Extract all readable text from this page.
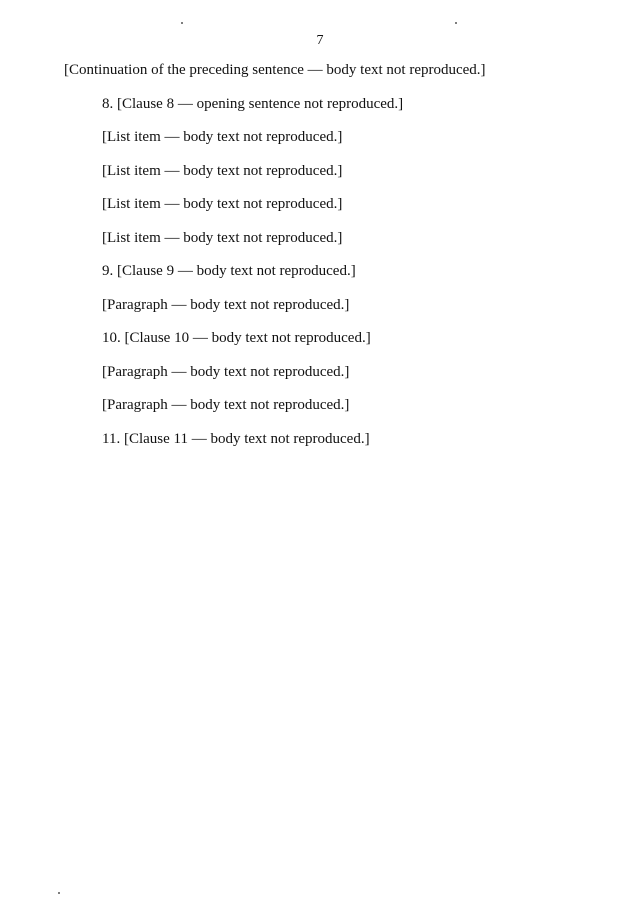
7

[Continuation of the preceding sentence — body text not reproduced.]

8. [Clause 8 — opening sentence not reproduced.]

[List item — body text not reproduced.]

[List item — body text not reproduced.]

[List item — body text not reproduced.]

[List item — body text not reproduced.]

9. [Clause 9 — body text not reproduced.]

[Paragraph — body text not reproduced.]

10. [Clause 10 — body text not reproduced.]

[Paragraph — body text not reproduced.]

[Paragraph — body text not reproduced.]

11. [Clause 11 — body text not reproduced.]
